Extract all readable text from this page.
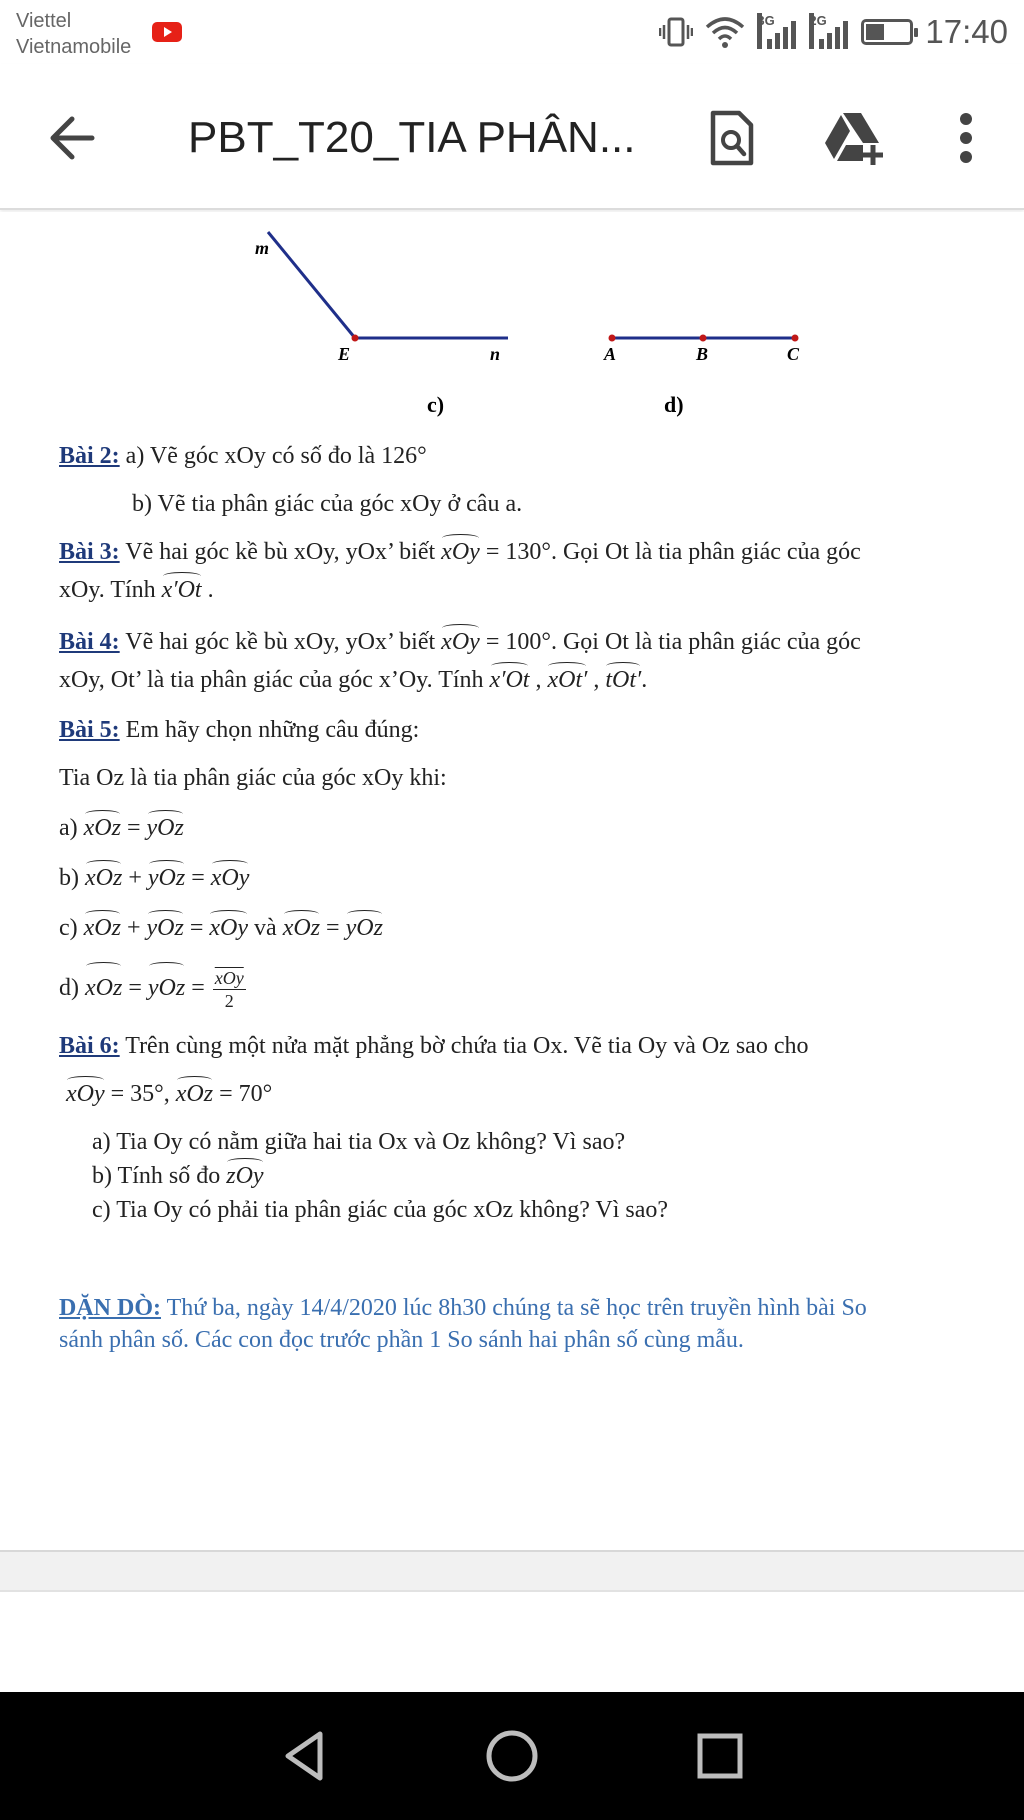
Viettel
Vietnamobile
3G	2G	17:40
PBT_T20_TIA PHÂN...
m
E	n
c)
A	B	C
d)
Bài 2: a) Vẽ góc xOy có số đo là 126°
b) Vẽ tia phân giác của góc xOy ở câu a.
Bài 3: Vẽ hai góc kề bù xOy, yOx’ biết xOy = 130°. Gọi Ot là tia phân giác của góc
xOy. Tính x′Ot .
Bài 4: Vẽ hai góc kề bù xOy, yOx’ biết xOy = 100°. Gọi Ot là tia phân giác của góc
xOy, Ot’ là tia phân giác của góc x’Oy. Tính x′Ot , xOt′ , tOt′.
Bài 5: Em hãy chọn những câu đúng:
Tia Oz là tia phân giác của góc xOy khi:
a) xOz = yOz
b) xOz + yOz = xOy
c) xOz + yOz = xOy và xOz = yOz
d) xOz = yOz = $\frac{\overline{xOy}}{2}$
Bài 6: Trên cùng một nửa mặt phẳng bờ chứa tia Ox. Vẽ tia Oy và Oz sao cho
xOy = 35°, xOz = 70°
a) Tia Oy có nằm giữa hai tia Ox và Oz không? Vì sao?
b) Tính số đo zOy
c) Tia Oy có phải tia phân giác của góc xOz không? Vì sao?
DẶN DÒ: Thứ ba, ngày 14/4/2020 lúc 8h30 chúng ta sẽ học trên truyền hình bài So
sánh phân số. Các con đọc trước phần 1 So sánh hai phân số cùng mẫu.
